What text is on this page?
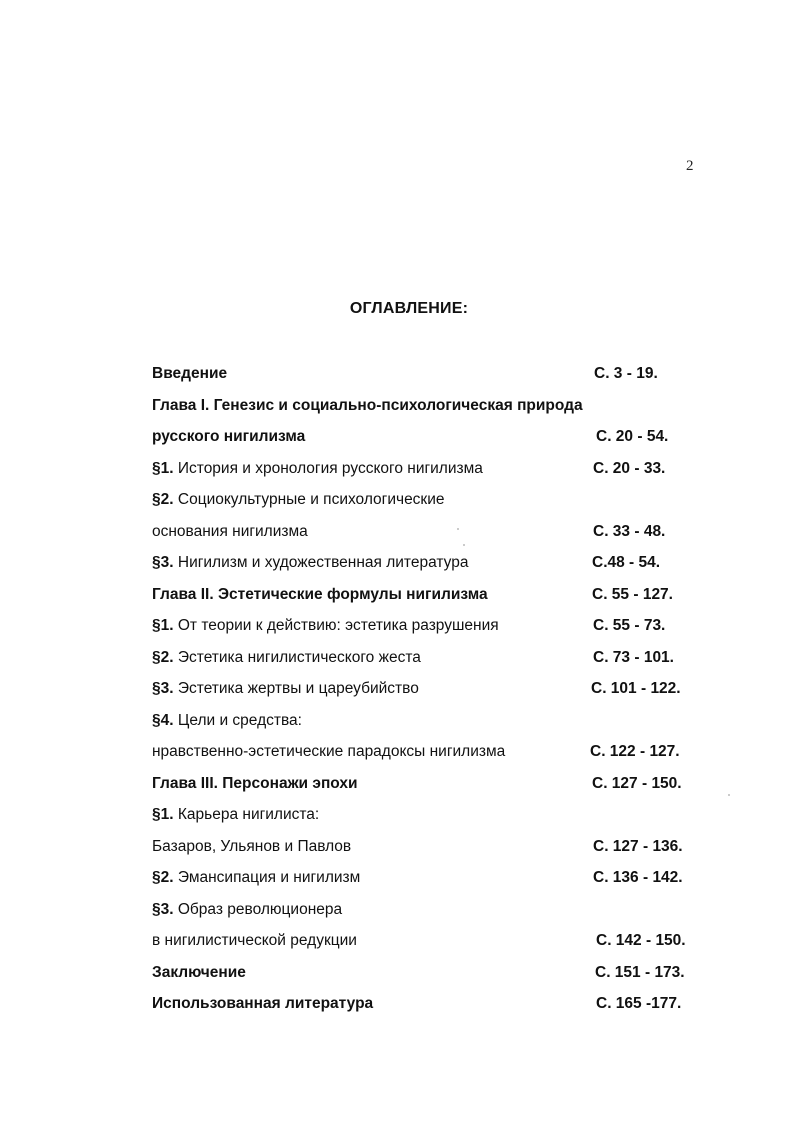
2
ОГЛАВЛЕНИЕ:
Введение	С. 3 - 19.
Глава I. Генезис и социально-психологическая природа
русского нигилизма	С. 20 - 54.
§1. История и хронология русского нигилизма	С. 20 - 33.
§2. Социокультурные и психологические
основания нигилизма	С. 33 - 48.
§3. Нигилизм и художественная литература	С.48 - 54.
Глава II. Эстетические формулы нигилизма	С. 55 - 127.
§1. От теории к действию: эстетика разрушения	С. 55 - 73.
§2. Эстетика нигилистического жеста	С. 73 - 101.
§3. Эстетика жертвы и цареубийство	С. 101 - 122.
§4. Цели и средства:
нравственно-эстетические парадоксы нигилизма	С. 122 - 127.
Глава III. Персонажи эпохи	С. 127 - 150.
§1. Карьера нигилиста:
Базаров, Ульянов и Павлов	С. 127 - 136.
§2. Эмансипация и нигилизм	С. 136 - 142.
§3. Образ революционера
в нигилистической редукции	С. 142 - 150.
Заключение	С. 151 - 173.
Использованная литература	С. 165 -177.
